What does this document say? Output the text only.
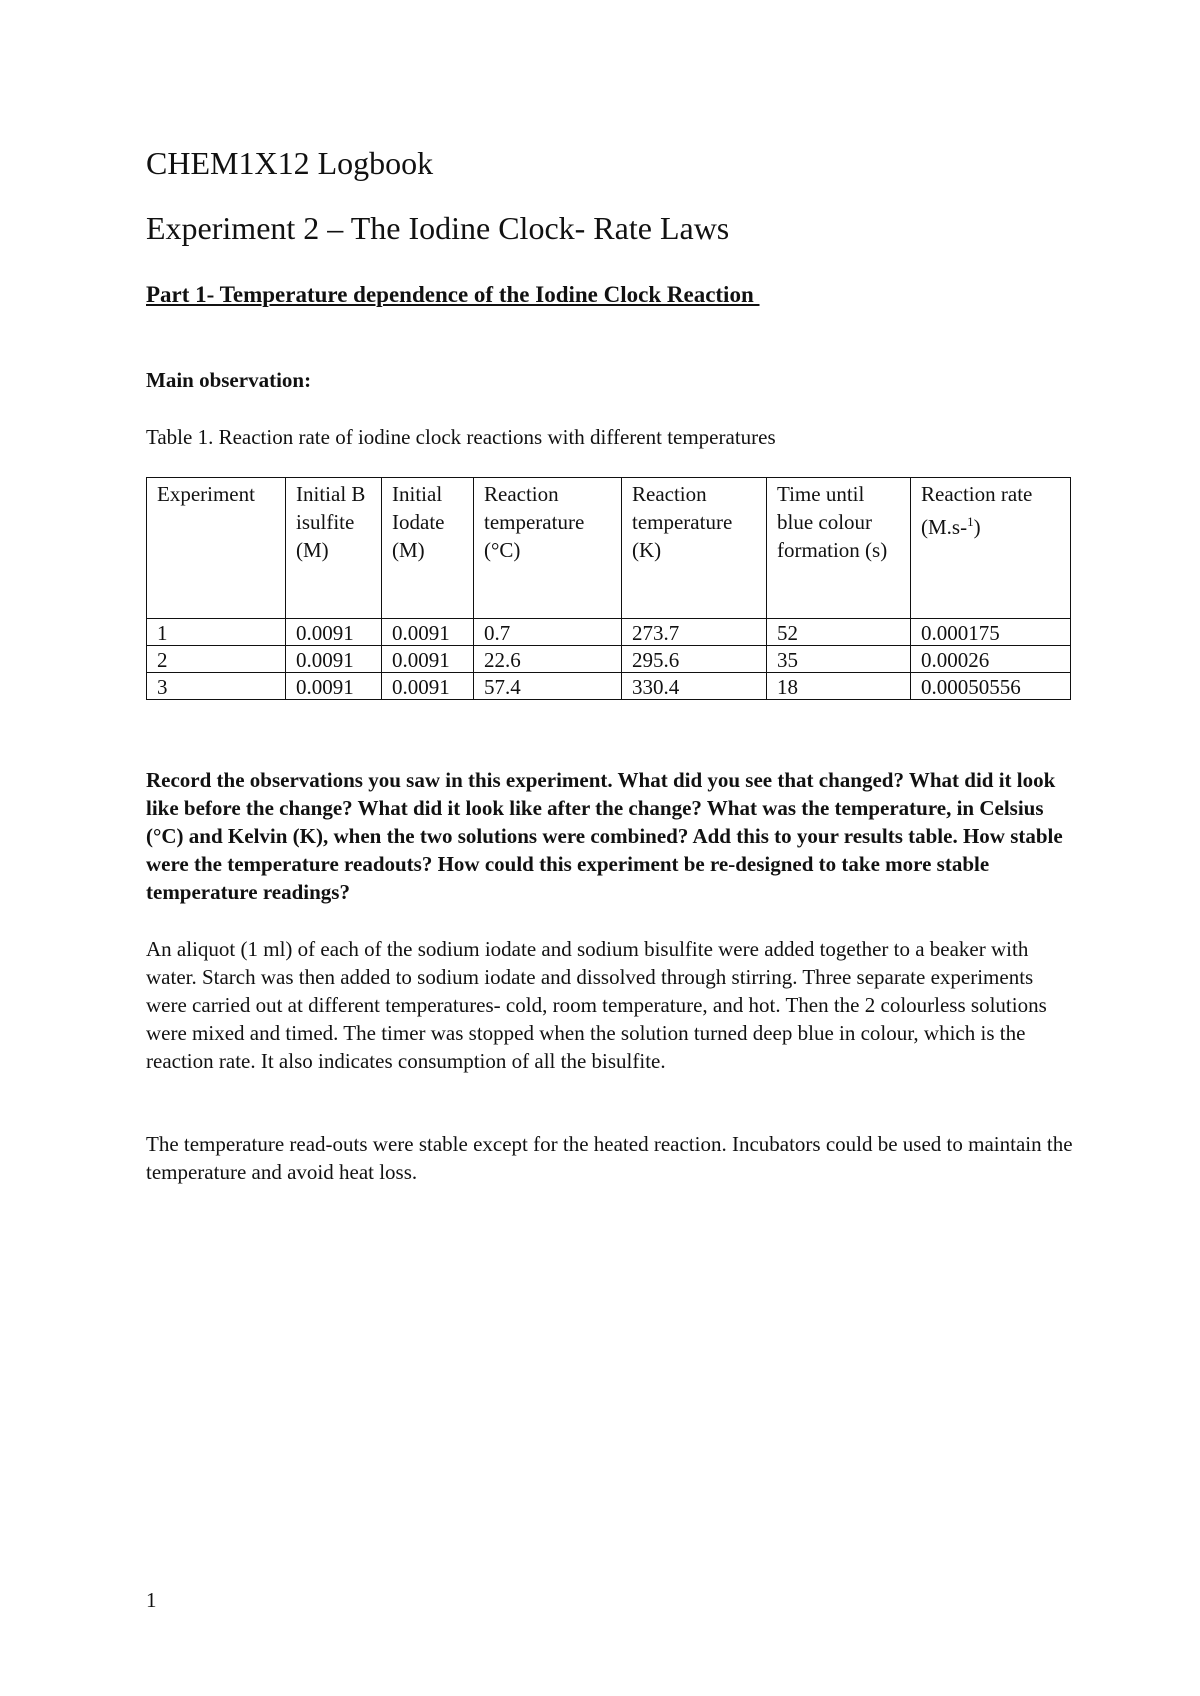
CHEM1X12 Logbook
Experiment 2 – The Iodine Clock- Rate Laws
Part 1- Temperature dependence of the Iodine Clock Reaction
Main observation:
Table 1. Reaction rate of iodine clock reactions with different temperatures
Experiment	Initial Bisulfite (M)	Initial Iodate (M)	Reaction temperature (°C)	Reaction temperature (K)	Time until blue colour formation (s)	Reaction rate (M.s-$^1$)
1	0.0091	0.0091	0.7	273.7	52	0.000175
2	0.0091	0.0091	22.6	295.6	35	0.00026
3	0.0091	0.0091	57.4	330.4	18	0.00050556
Record the observations you saw in this experiment. What did you see that changed? What did it look like before the change? What did it look like after the change? What was the temperature, in Celsius (°C) and Kelvin (K), when the two solutions were combined? Add this to your results table. How stable were the temperature readouts? How could this experiment be re-designed to take more stable temperature readings?
An aliquot (1 ml) of each of the sodium iodate and sodium bisulfite were added together to a beaker with water. Starch was then added to sodium iodate and dissolved through stirring. Three separate experiments were carried out at different temperatures- cold, room temperature, and hot. Then the 2 colourless solutions were mixed and timed. The timer was stopped when the solution turned deep blue in colour, which is the reaction rate. It also indicates consumption of all the bisulfite.
The temperature read-outs were stable except for the heated reaction. Incubators could be used to maintain the temperature and avoid heat loss.
1
